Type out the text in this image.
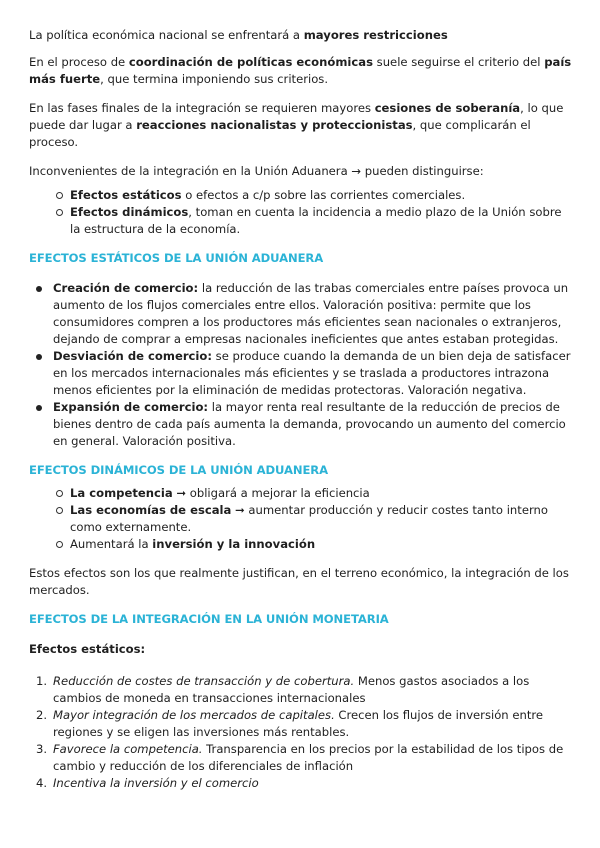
La política económica nacional se enfrentará a mayores restricciones

En el proceso de coordinación de políticas económicas suele seguirse el criterio del país más fuerte, que termina imponiendo sus criterios.

En las fases finales de la integración se requieren mayores cesiones de soberanía, lo que puede dar lugar a reacciones nacionalistas y proteccionistas, que complicarán el proceso.

Inconvenientes de la integración en la Unión Aduanera → pueden distinguirse:

Efectos estáticos o efectos a c/p sobre las corrientes comerciales.
Efectos dinámicos, toman en cuenta la incidencia a medio plazo de la Unión sobre la estructura de la economía.
EFECTOS ESTÁTICOS DE LA UNIÓN ADUANERA
Creación de comercio: la reducción de las trabas comerciales entre países provoca un aumento de los flujos comerciales entre ellos. Valoración positiva: permite que los consumidores compren a los productores más eficientes sean nacionales o extranjeros, dejando de comprar a empresas nacionales ineficientes que antes estaban protegidas.
Desviación de comercio: se produce cuando la demanda de un bien deja de satisfacer en los mercados internacionales más eficientes y se traslada a productores intrazona menos eficientes por la eliminación de medidas protectoras. Valoración negativa.
Expansión de comercio: la mayor renta real resultante de la reducción de precios de bienes dentro de cada país aumenta la demanda, provocando un aumento del comercio en general. Valoración positiva.
EFECTOS DINÁMICOS DE LA UNIÓN ADUANERA
La competencia ➞ obligará a mejorar la eficiencia
Las economías de escala ➞ aumentar producción y reducir costes tanto interno como externamente.
Aumentará la inversión y la innovación

Estos efectos son los que realmente justifican, en el terreno económico, la integración de los mercados.

EFECTOS DE LA INTEGRACIÓN EN LA UNIÓN MONETARIA
Efectos estáticos:
1. Reducción de costes de transacción y de cobertura. Menos gastos asociados a los cambios de moneda en transacciones internacionales
2. Mayor integración de los mercados de capitales. Crecen los flujos de inversión entre regiones y se eligen las inversiones más rentables.
3. Favorece la competencia. Transparencia en los precios por la estabilidad de los tipos de cambio y reducción de los diferenciales de inflación
4. Incentiva la inversión y el comercio
